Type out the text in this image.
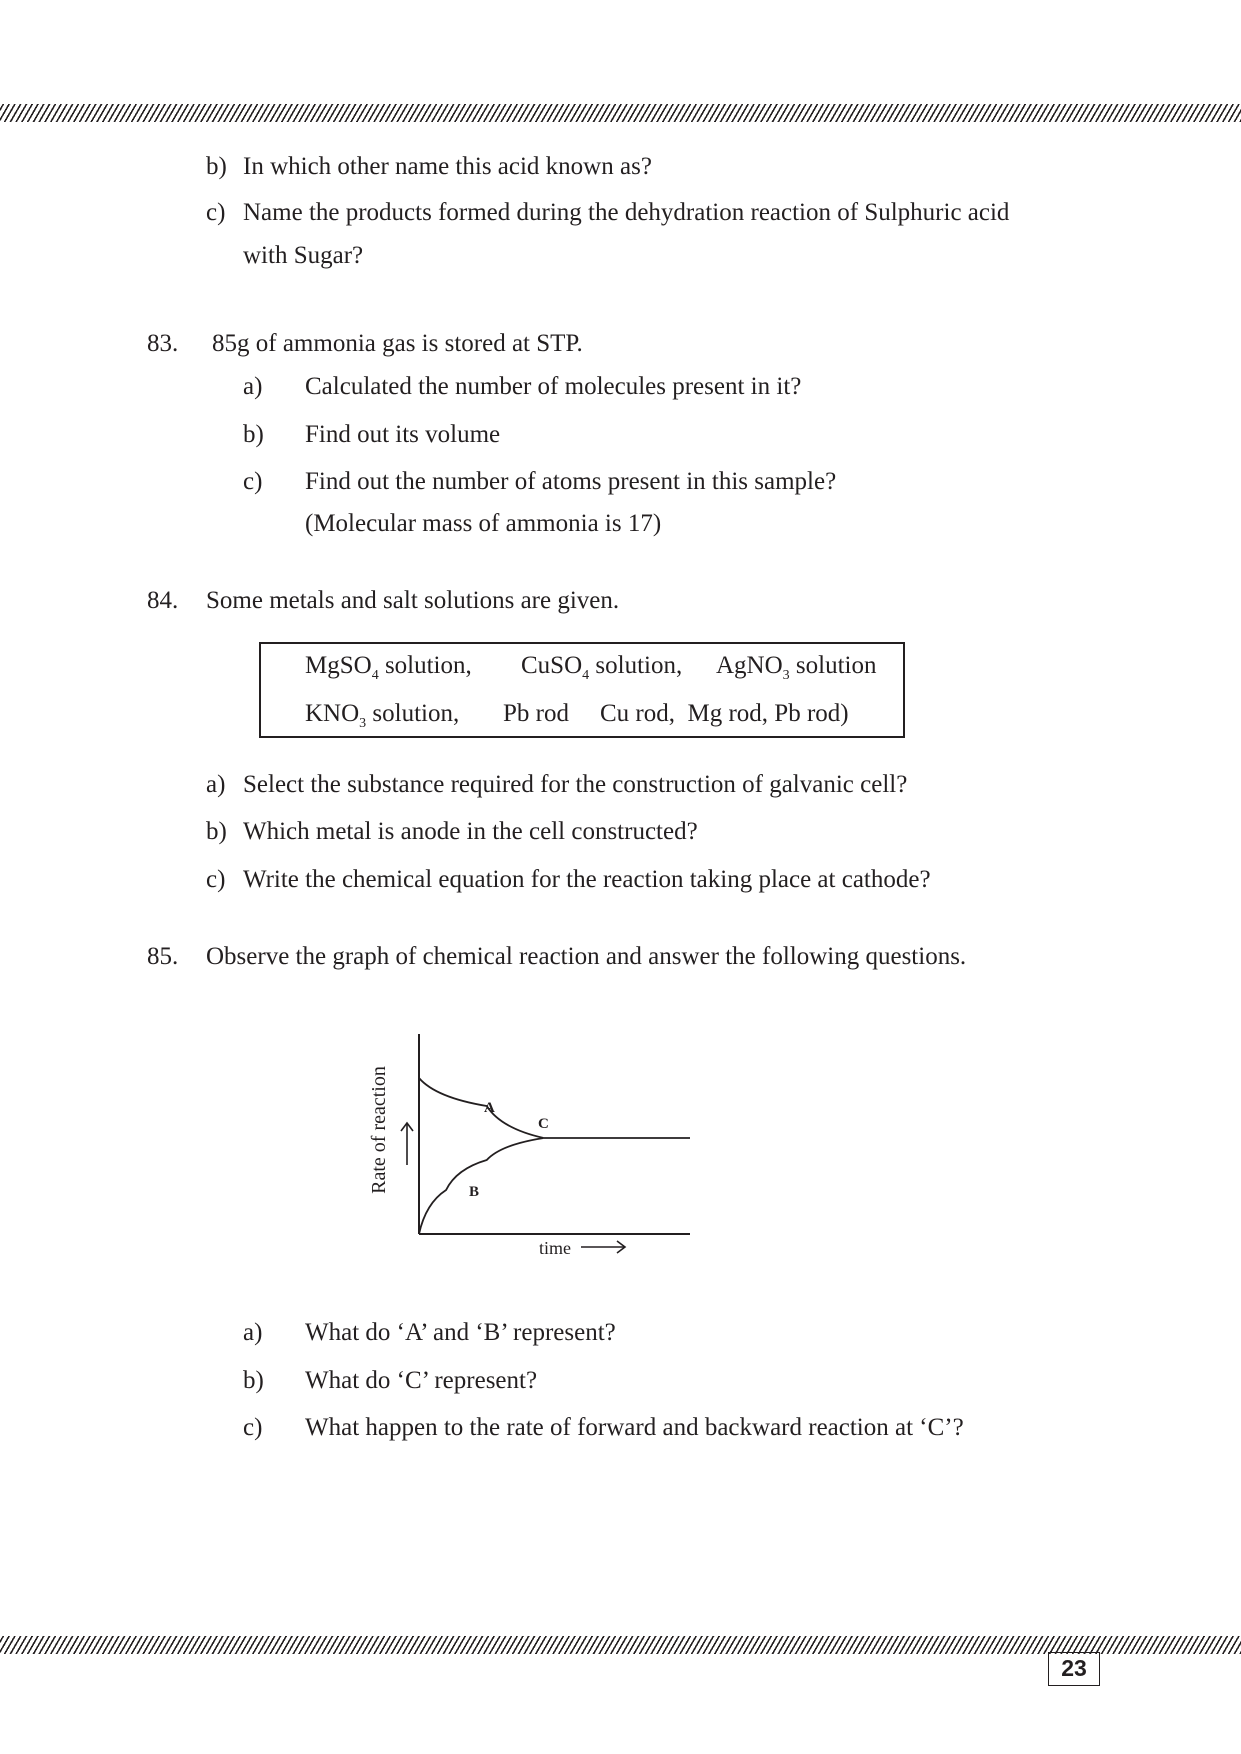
b) In which other name this acid known as?
c) Name the products formed during the dehydration reaction of Sulphuric acid
with Sugar?
83. 85g of ammonia gas is stored at STP.
a) Calculated the number of molecules present in it?
b) Find out its volume
c) Find out the number of atoms present in this sample?
(Molecular mass of ammonia is 17)
84. Some metals and salt solutions are given.
MgSO$_4$ solution, CuSO$_4$ solution, AgNO$_3$ solution
$KNO_3$ solution, Pb rod Cu rod,  Mg rod, Pb rod)
a) Select the substance required for the construction of galvanic cell?
b) Which metal is anode in the cell constructed?
c) Write the chemical equation for the reaction taking place at cathode?
85. Observe the graph of chemical reaction and answer the following questions.
A
B
C
Rate of reaction
time
a) What do ‘A’ and ‘B’ represent?
b) What do ‘C’ represent?
c) What happen to the rate of forward and backward reaction at ‘C’?
23
